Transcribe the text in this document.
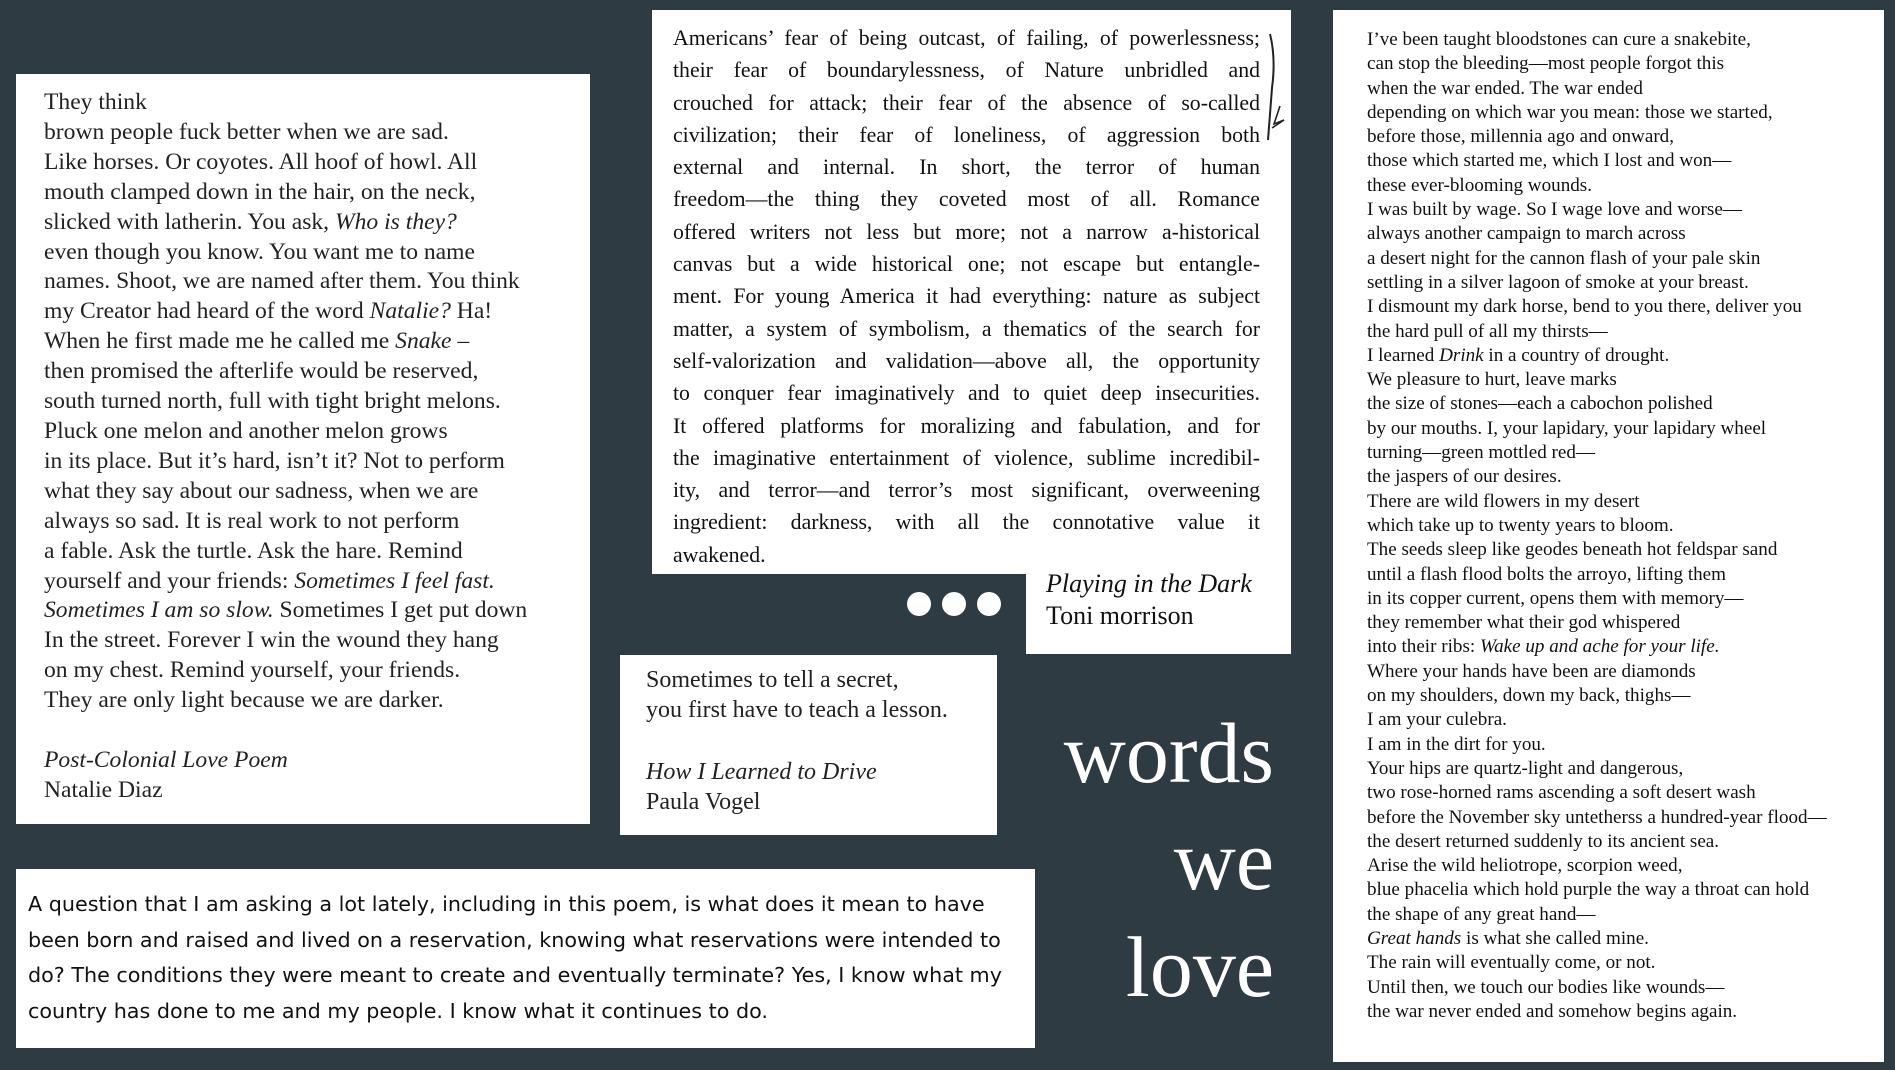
They think
brown people fuck better when we are sad.
Like horses. Or coyotes. All hoof of howl. All
mouth clamped down in the hair, on the neck,
slicked with latherin. You ask, Who is they?
even though you know. You want me to name
names. Shoot, we are named after them. You think
my Creator had heard of the word Natalie? Ha!
When he first made me he called me Snake –
then promised the afterlife would be reserved,
south turned north, full with tight bright melons.
Pluck one melon and another melon grows
in its place. But it’s hard, isn’t it? Not to perform
what they say about our sadness, when we are
always so sad. It is real work to not perform
a fable. Ask the turtle. Ask the hare. Remind
yourself and your friends: Sometimes I feel fast.
Sometimes I am so slow. Sometimes I get put down
In the street. Forever I win the wound they hang
on my chest. Remind yourself, your friends.
They are only light because we are darker.
Post-Colonial Love Poem
Natalie Diaz
Americans’ fear of being outcast, of failing, of powerlessness;
their fear of boundarylessness, of Nature unbridled and
crouched for attack; their fear of the absence of so-called
civilization; their fear of loneliness, of aggression both
external and internal. In short, the terror of human
freedom—the thing they coveted most of all. Romance
offered writers not less but more; not a narrow a-historical
canvas but a wide historical one; not escape but entangle-
ment. For young America it had everything: nature as subject
matter, a system of symbolism, a thematics of the search for
self-valorization and validation—above all, the opportunity
to conquer fear imaginatively and to quiet deep insecurities.
It offered platforms for moralizing and fabulation, and for
the imaginative entertainment of violence, sublime incredibil-
ity, and terror—and terror’s most significant, overweening
ingredient: darkness, with all the connotative value it
awakened.
Playing in the Dark
Toni morrison
Sometimes to tell a secret,
you first have to teach a lesson.
How I Learned to Drive
Paula Vogel
words
we
love
A question that I am asking a lot lately, including in this poem, is what does it mean to have
been born and raised and lived on a reservation, knowing what reservations were intended to
do? The conditions they were meant to create and eventually terminate? Yes, I know what my
country has done to me and my people. I know what it continues to do.
I’ve been taught bloodstones can cure a snakebite,
can stop the bleeding—most people forgot this
when the war ended. The war ended
depending on which war you mean: those we started,
before those, millennia ago and onward,
those which started me, which I lost and won—
these ever-blooming wounds.
I was built by wage. So I wage love and worse—
always another campaign to march across
a desert night for the cannon flash of your pale skin
settling in a silver lagoon of smoke at your breast.
I dismount my dark horse, bend to you there, deliver you
the hard pull of all my thirsts—
I learned Drink in a country of drought.
We pleasure to hurt, leave marks
the size of stones—each a cabochon polished
by our mouths. I, your lapidary, your lapidary wheel
turning—green mottled red—
the jaspers of our desires.
There are wild flowers in my desert
which take up to twenty years to bloom.
The seeds sleep like geodes beneath hot feldspar sand
until a flash flood bolts the arroyo, lifting them
in its copper current, opens them with memory—
they remember what their god whispered
into their ribs: Wake up and ache for your life.
Where your hands have been are diamonds
on my shoulders, down my back, thighs—
I am your culebra.
I am in the dirt for you.
Your hips are quartz-light and dangerous,
two rose-horned rams ascending a soft desert wash
before the November sky untetherss a hundred-year flood—
the desert returned suddenly to its ancient sea.
Arise the wild heliotrope, scorpion weed,
blue phacelia which hold purple the way a throat can hold
the shape of any great hand—
Great hands is what she called mine.
The rain will eventually come, or not.
Until then, we touch our bodies like wounds—
the war never ended and somehow begins again.
